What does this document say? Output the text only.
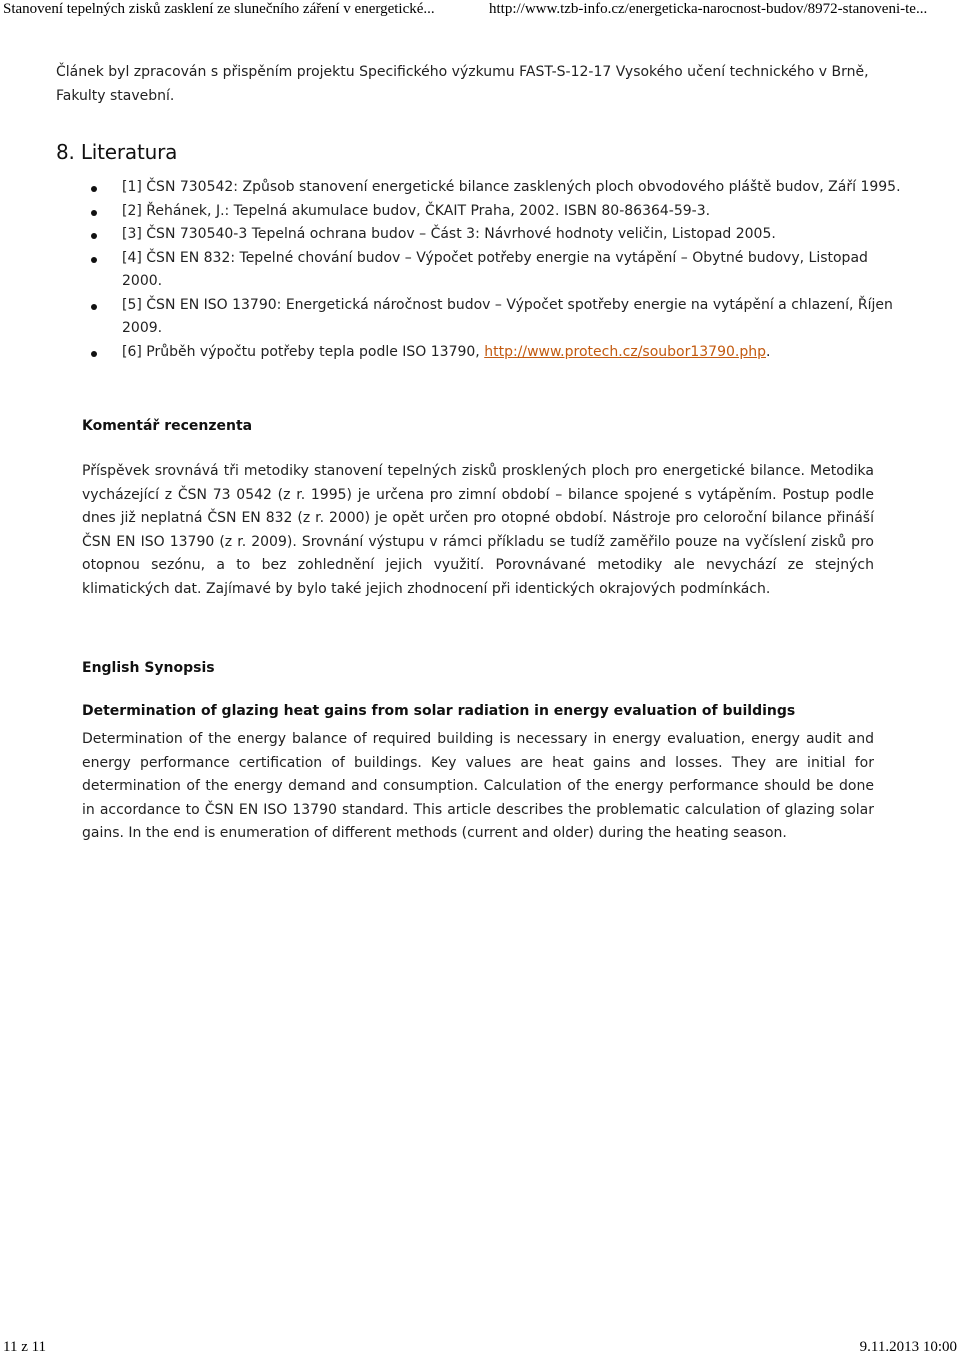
Stanovení tepelných zisků zasklení ze slunečního záření v energetické...	http://www.tzb-info.cz/energeticka-narocnost-budov/8972-stanoveni-te...

Článek byl zpracován s přispěním projektu Specifického výzkumu FAST-S-12-17 Vysokého učení technického v Brně, Fakulty stavební.

8. Literatura
[1] ČSN 730542: Způsob stanovení energetické bilance zasklených ploch obvodového pláště budov, Září 1995.
[2] Řehánek, J.: Tepelná akumulace budov, ČKAIT Praha, 2002. ISBN 80-86364-59-3.
[3] ČSN 730540-3 Tepelná ochrana budov – Část 3: Návrhové hodnoty veličin, Listopad 2005.
[4] ČSN EN 832: Tepelné chování budov – Výpočet potřeby energie na vytápění – Obytné budovy, Listopad 2000.
[5] ČSN EN ISO 13790: Energetická náročnost budov – Výpočet spotřeby energie na vytápění a chlazení, Říjen 2009.
[6] Průběh výpočtu potřeby tepla podle ISO 13790, http://www.protech.cz/soubor13790.php.
Komentář recenzenta

Příspěvek srovnává tři metodiky stanovení tepelných zisků prosklených ploch pro energetické bilance. Metodika vycházející z ČSN 73 0542 (z r. 1995) je určena pro zimní období – bilance spojené s vytápěním. Postup podle dnes již neplatná ČSN EN 832 (z r. 2000) je opět určen pro otopné období. Nástroje pro celoroční bilance přináší ČSN EN ISO 13790 (z r. 2009). Srovnání výstupu v rámci příkladu se tudíž zaměřilo pouze na vyčíslení zisků pro otopnou sezónu, a to bez zohlednění jejich využití. Porovnávané metodiky ale nevychází ze stejných klimatických dat. Zajímavé by bylo také jejich zhodnocení při identických okrajových podmínkách.

English Synopsis
Determination of glazing heat gains from solar radiation in energy evaluation of buildings

Determination of the energy balance of required building is necessary in energy evaluation, energy audit and energy performance certification of buildings. Key values are heat gains and losses. They are initial for determination of the energy demand and consumption. Calculation of the energy performance should be done in accordance to ČSN EN ISO 13790 standard. This article describes the problematic calculation of glazing solar gains. In the end is enumeration of different methods (current and older) during the heating season.

11 z 11	9.11.2013 10:00
